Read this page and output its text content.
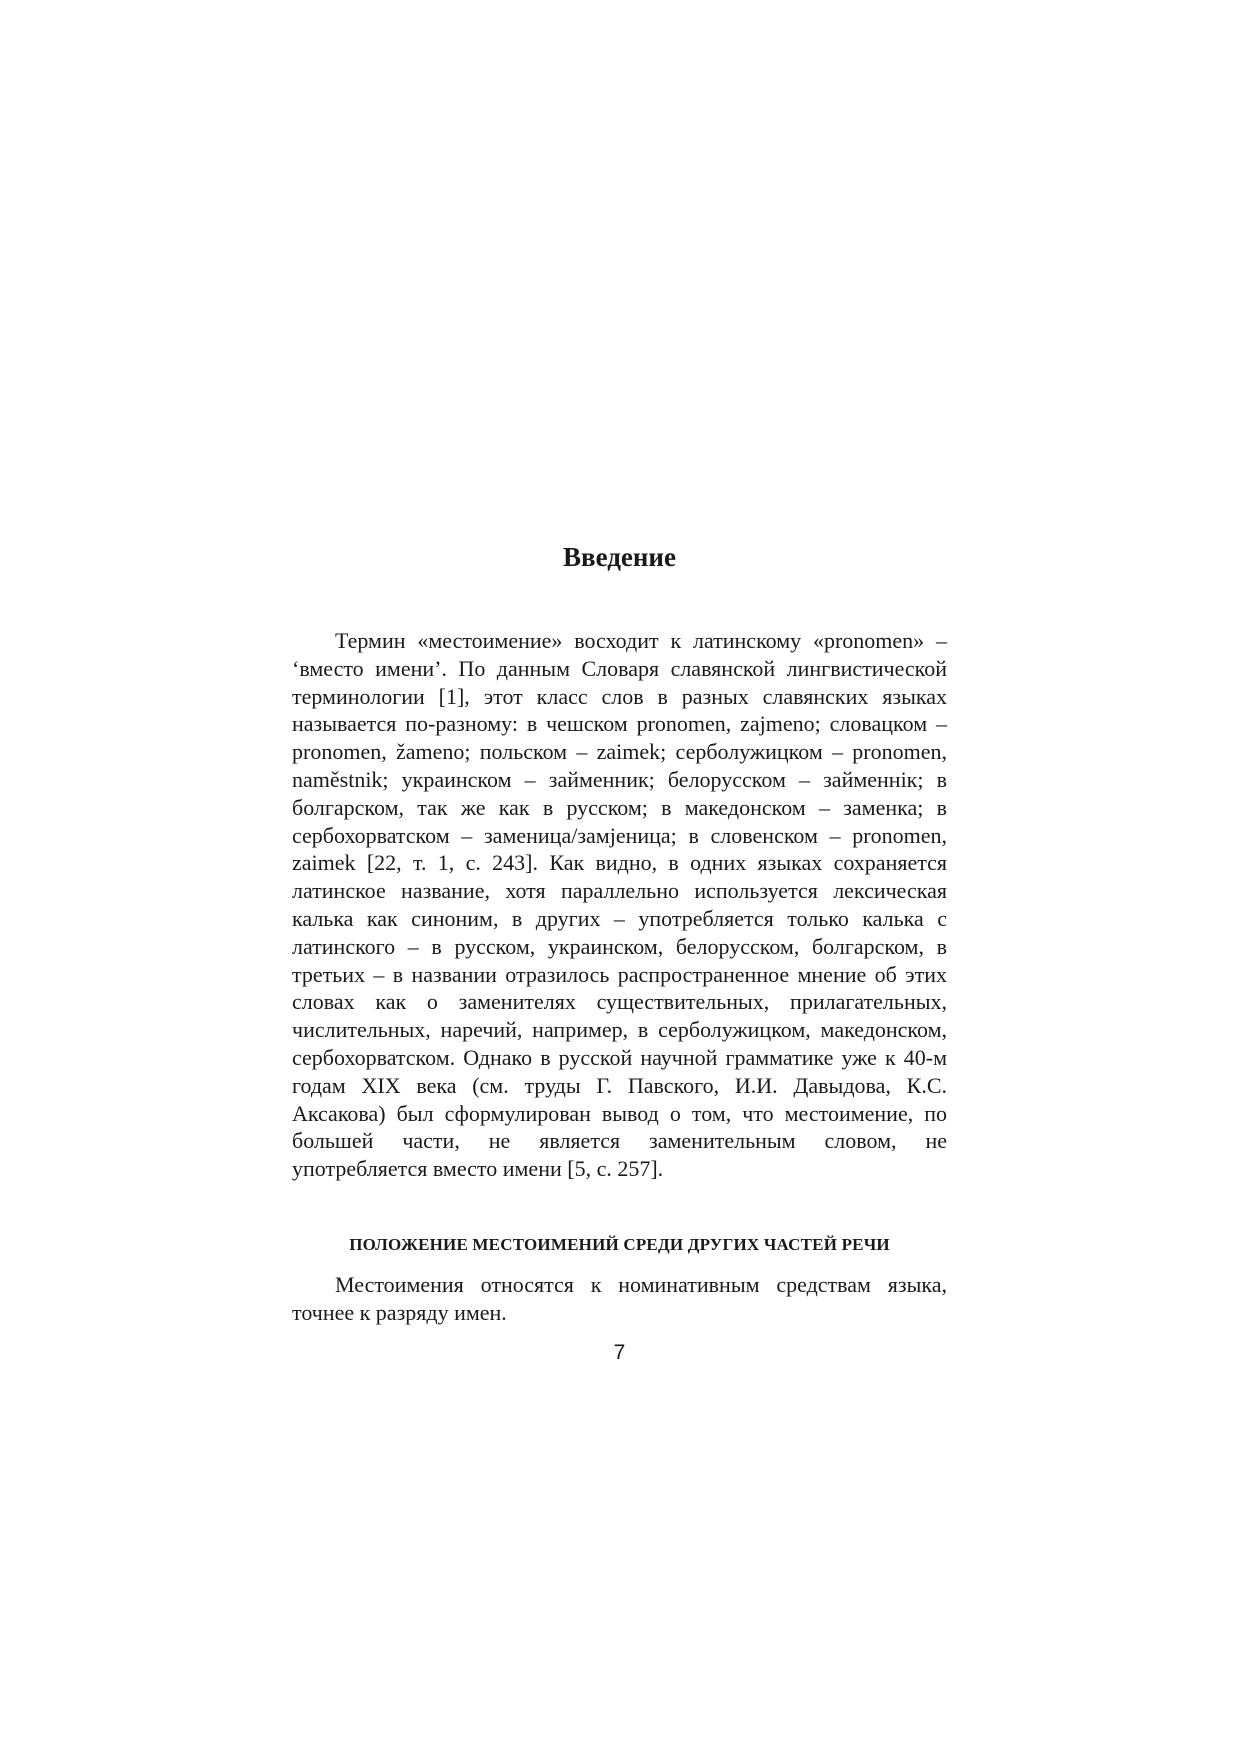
Введение

Термин «местоимение» восходит к латинскому «pronomen» – ‘вместо имени’. По данным Словаря славянской лингвистической терминологии [1], этот класс слов в разных славянских языках называется по-разному: в чешском pronomen, zajmeno; словацком – pronomen, žameno; польском – zaimek; серболужицком – pronomen, naměstnik; украинском – займенник; белорусском – займеннiк; в болгарском, так же как в русском; в македонском – заменка; в сербохорватском – заменица/замјеница; в словенском – pronomen, zaimek [22, т. 1, с. 243]. Как видно, в одних языках сохраняется латинское название, хотя параллельно используется лексическая калька как синоним, в других – употребляется только калька с латинского – в русском, украинском, белорусском, болгарском, в третьих – в названии отразилось распространенное мнение об этих словах как о заменителях существительных, прилагательных, числительных, наречий, например, в серболужицком, македонском, сербохорватском. Однако в русской научной грамматике уже к 40-м годам XIX века (см. труды Г. Павского, И.И. Давыдова, К.С. Аксакова) был сформулирован вывод о том, что местоимение, по большей части, не является заменительным словом, не употребляется вместо имени [5, с. 257].

ПОЛОЖЕНИЕ МЕСТОИМЕНИЙ СРЕДИ ДРУГИХ ЧАСТЕЙ РЕЧИ

Местоимения относятся к номинативным средствам языка, точнее к разряду имен.

7
